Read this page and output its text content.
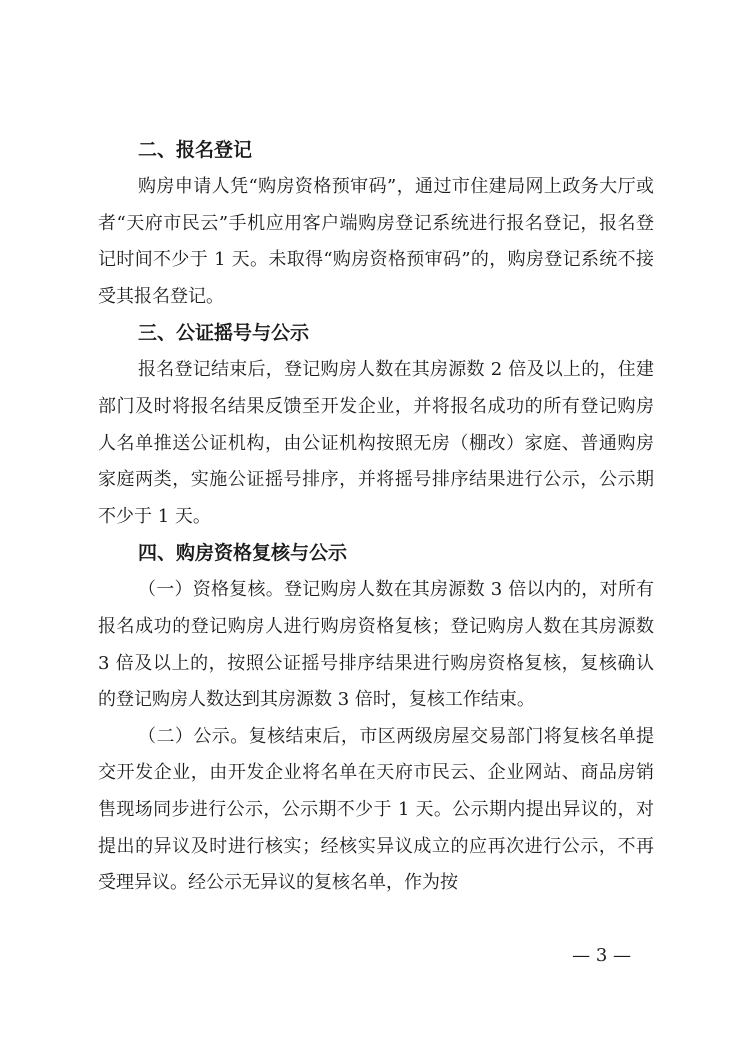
二、报名登记

购房申请人凭“购房资格预审码”，通过市住建局网上政务大厅或者“天府市民云”手机应用客户端购房登记系统进行报名登记，报名登记时间不少于 1 天。未取得“购房资格预审码”的，购房登记系统不接受其报名登记。

三、公证摇号与公示

报名登记结束后，登记购房人数在其房源数 2 倍及以上的，住建部门及时将报名结果反馈至开发企业，并将报名成功的所有登记购房人名单推送公证机构，由公证机构按照无房（棚改）家庭、普通购房家庭两类，实施公证摇号排序，并将摇号排序结果进行公示，公示期不少于 1 天。

四、购房资格复核与公示

（一）资格复核。登记购房人数在其房源数 3 倍以内的，对所有报名成功的登记购房人进行购房资格复核；登记购房人数在其房源数 3 倍及以上的，按照公证摇号排序结果进行购房资格复核，复核确认的登记购房人数达到其房源数 3 倍时，复核工作结束。

（二）公示。复核结束后，市区两级房屋交易部门将复核名单提交开发企业，由开发企业将名单在天府市民云、企业网站、商品房销售现场同步进行公示，公示期不少于 1 天。公示期内提出异议的，对提出的异议及时进行核实；经核实异议成立的应再次进行公示，不再受理异议。经公示无异议的复核名单，作为按

— 3 —
